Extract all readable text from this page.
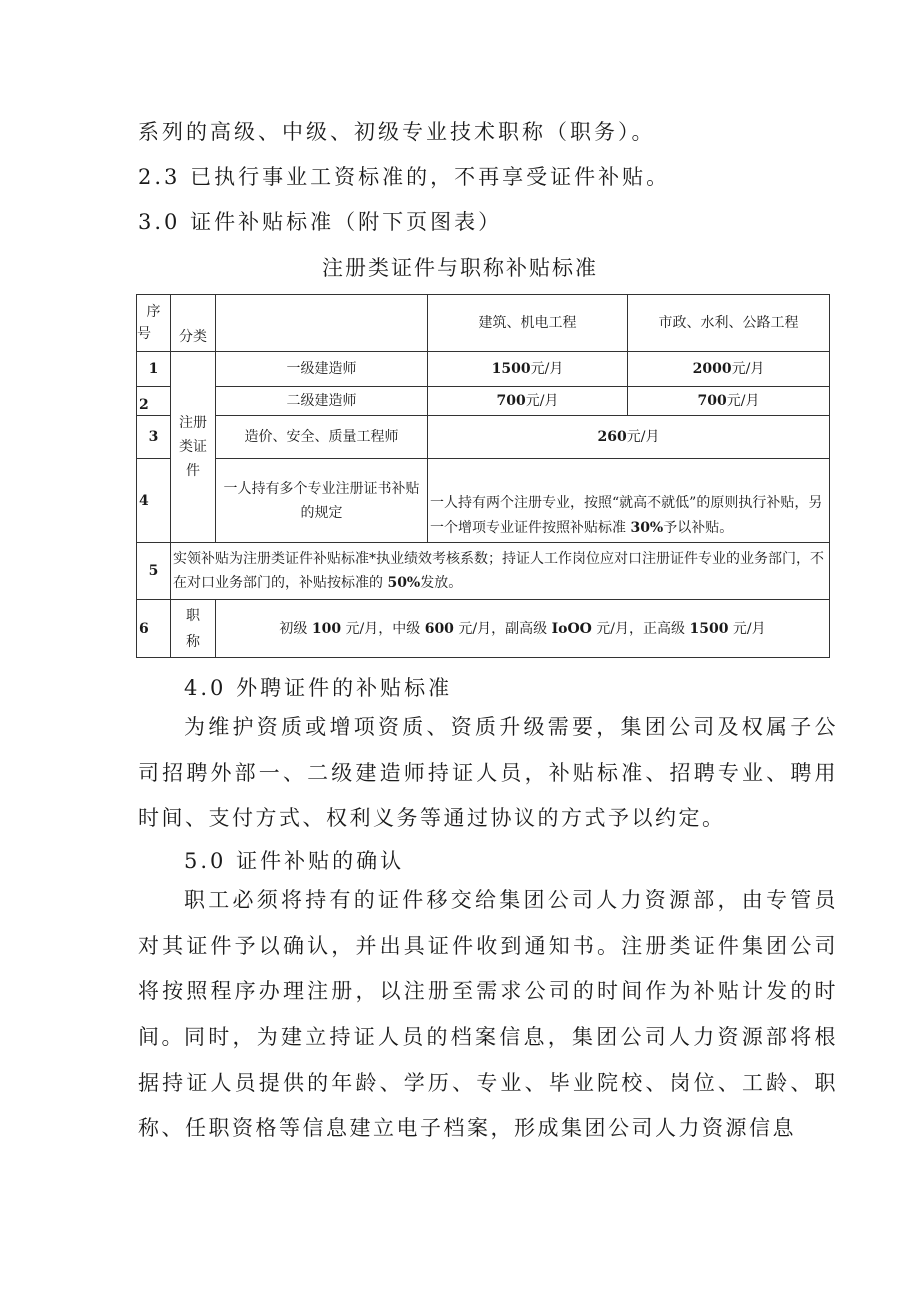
系列的高级、中级、初级专业技术职称（职务）。
2.3 已执行事业工资标准的，不再享受证件补贴。
3.0 证件补贴标准（附下页图表）
注册类证件与职称补贴标准
序
号	分类		建筑、机电工程	市政、水利、公路工程
1	注册类证件	一级建造师	1500元/月	2000元/月
2		二级建造师	700元/月	700元/月
3		造价、安全、质量工程师	260元/月	
4		一人持有多个专业注册证书补贴的规定	一人持有两个注册专业，按照“就高不就低”的原则执行补贴，另一个增项专业证件按照补贴标准 30%予以补贴。	
5	实领补贴为注册类证件补贴标准*执业绩效考核系数；持证人工作岗位应对口注册证件专业的业务部门，不在对口业务部门的，补贴按标准的 50%发放。			
6	职称	初级 100 元/月，中级 600 元/月，副高级 IoOO 元/月，正高级 1500 元/月		
4.0 外聘证件的补贴标准

为维护资质或增项资质、资质升级需要，集团公司及权属子公司招聘外部一、二级建造师持证人员，补贴标准、招聘专业、聘用时间、支付方式、权利义务等通过协议的方式予以约定。

5.0 证件补贴的确认

职工必须将持有的证件移交给集团公司人力资源部，由专管员对其证件予以确认，并出具证件收到通知书。注册类证件集团公司将按照程序办理注册，以注册至需求公司的时间作为补贴计发的时间。 同时，为建立持证人员的档案信息，集团公司人力资源部将根据持证人员提供的年龄、学历、专业、毕业院校、岗位、工龄、职称、任职资格等信息建立电子档案，形成集团公司人力资源信息
